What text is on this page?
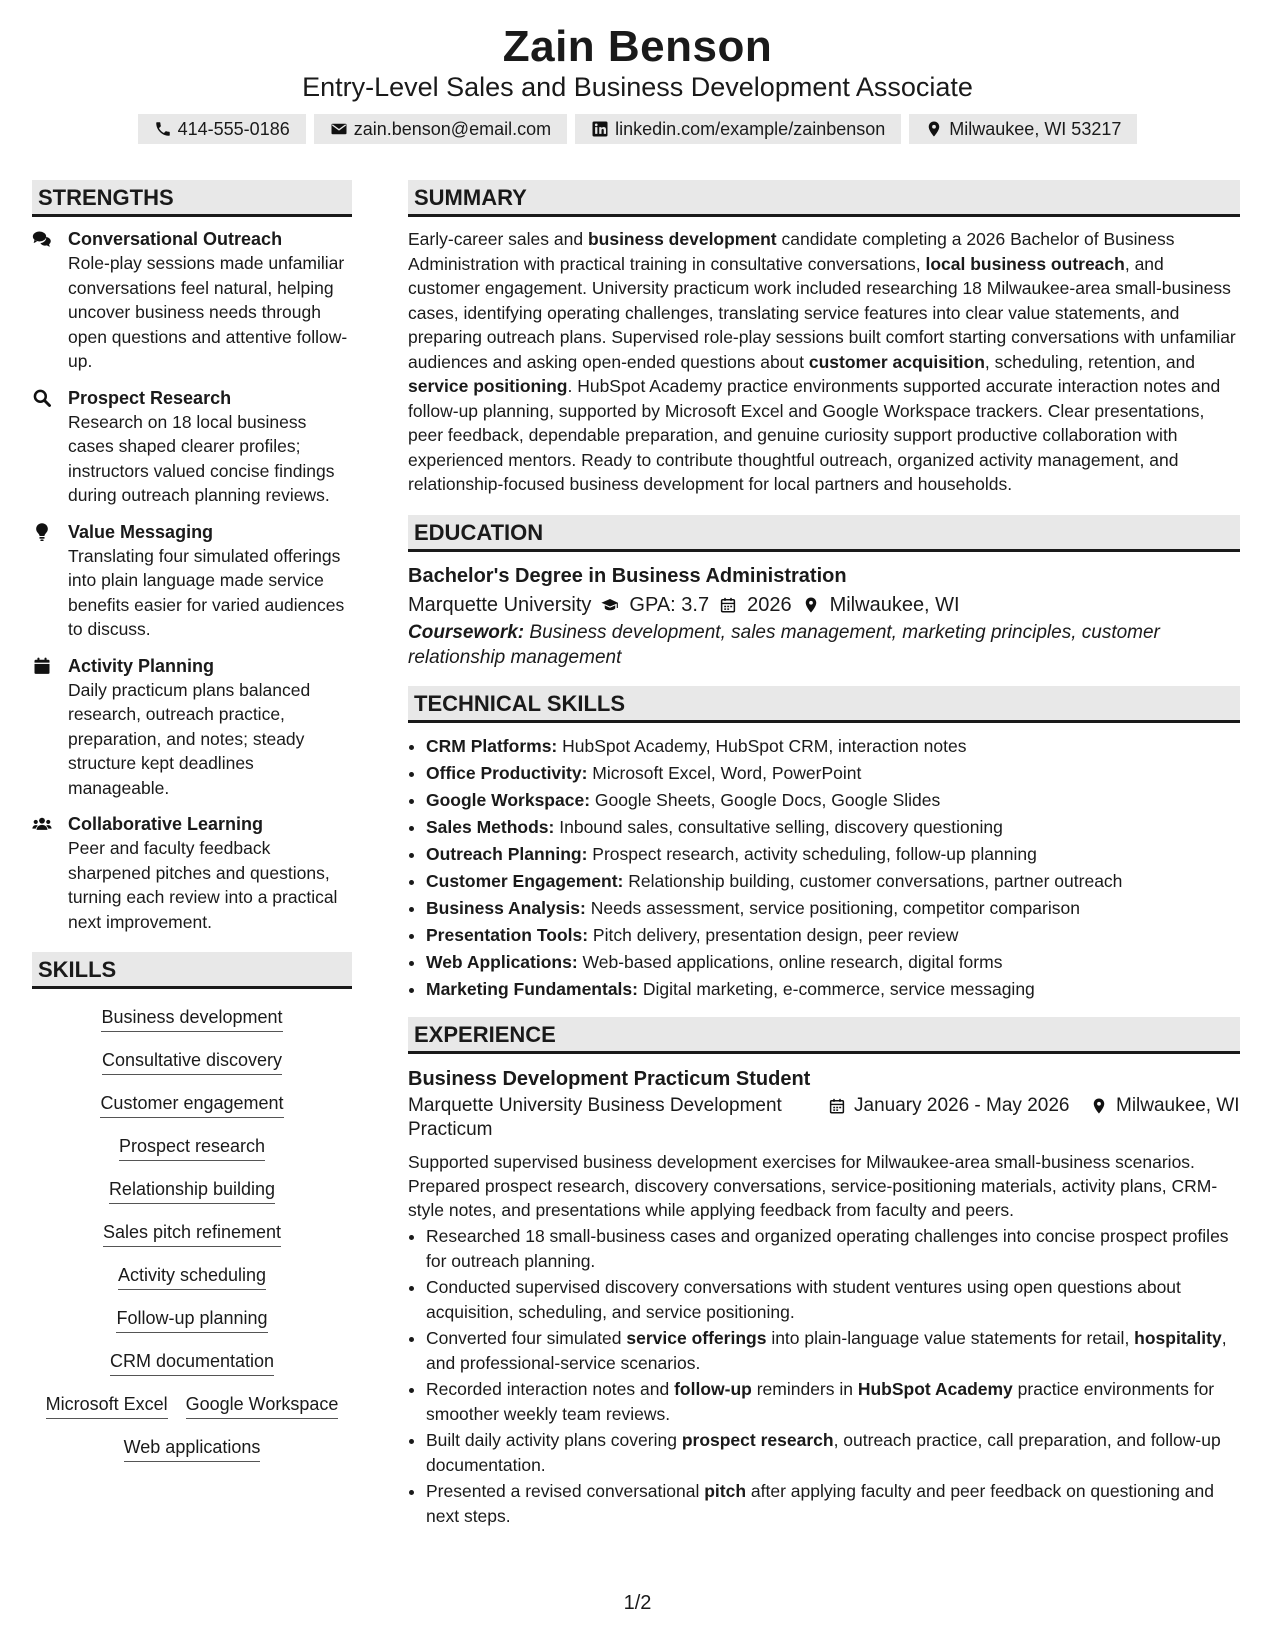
Zain Benson
Entry-Level Sales and Business Development Associate
414-555-0186	zain.benson@email.com	linkedin.com/example/zainbenson	Milwaukee, WI 53217
STRENGTHS
Conversational Outreach
Role-play sessions made unfamiliar conversations feel natural, helping uncover business needs through open questions and attentive follow-up.
Prospect Research
Research on 18 local business cases shaped clearer profiles; instructors valued concise findings during outreach planning reviews.
Value Messaging
Translating four simulated offerings into plain language made service benefits easier for varied audiences to discuss.
Activity Planning
Daily practicum plans balanced research, outreach practice, preparation, and notes; steady structure kept deadlines manageable.
Collaborative Learning
Peer and faculty feedback sharpened pitches and questions, turning each review into a practical next improvement.
SKILLS
Business development
Consultative discovery
Customer engagement
Prospect research
Relationship building
Sales pitch refinement
Activity scheduling
Follow-up planning
CRM documentation
Microsoft Excel Google Workspace
Web applications
SUMMARY

Early-career sales and business development candidate completing a 2026 Bachelor of Business Administration with practical training in consultative conversations, local business outreach, and customer engagement. University practicum work included researching 18 Milwaukee-area small-business cases, identifying operating challenges, translating service features into clear value statements, and preparing outreach plans. Supervised role-play sessions built comfort starting conversations with unfamiliar audiences and asking open-ended questions about customer acquisition, scheduling, retention, and service positioning. HubSpot Academy practice environments supported accurate interaction notes and follow-up planning, supported by Microsoft Excel and Google Workspace trackers. Clear presentations, peer feedback, dependable preparation, and genuine curiosity support productive collaboration with experienced mentors. Ready to contribute thoughtful outreach, organized activity management, and relationship-focused business development for local partners and households.

EDUCATION
Bachelor's Degree in Business Administration
Marquette University GPA: 3.7 2026 Milwaukee, WI

Coursework: Business development, sales management, marketing principles, customer relationship management

TECHNICAL SKILLS
• CRM Platforms: HubSpot Academy, HubSpot CRM, interaction notes
• Office Productivity: Microsoft Excel, Word, PowerPoint
• Google Workspace: Google Sheets, Google Docs, Google Slides
• Sales Methods: Inbound sales, consultative selling, discovery questioning
• Outreach Planning: Prospect research, activity scheduling, follow-up planning
• Customer Engagement: Relationship building, customer conversations, partner outreach
• Business Analysis: Needs assessment, service positioning, competitor comparison
• Presentation Tools: Pitch delivery, presentation design, peer review
• Web Applications: Web-based applications, online research, digital forms
• Marketing Fundamentals: Digital marketing, e-commerce, service messaging
EXPERIENCE
Business Development Practicum Student
Marquette University Business Development Practicum
January 2026 - May 2026 Milwaukee, WI

Supported supervised business development exercises for Milwaukee-area small-business scenarios. Prepared prospect research, discovery conversations, service-positioning materials, activity plans, CRM-style notes, and presentations while applying feedback from faculty and peers.

• Researched 18 small-business cases and organized operating challenges into concise prospect profiles for outreach planning.
• Conducted supervised discovery conversations with student ventures using open questions about acquisition, scheduling, and service positioning.
• Converted four simulated service offerings into plain-language value statements for retail, hospitality, and professional-service scenarios.
• Recorded interaction notes and follow-up reminders in HubSpot Academy practice environments for smoother weekly team reviews.
• Built daily activity plans covering prospect research, outreach practice, call preparation, and follow-up documentation.
• Presented a revised conversational pitch after applying faculty and peer feedback on questioning and next steps.
1/2
